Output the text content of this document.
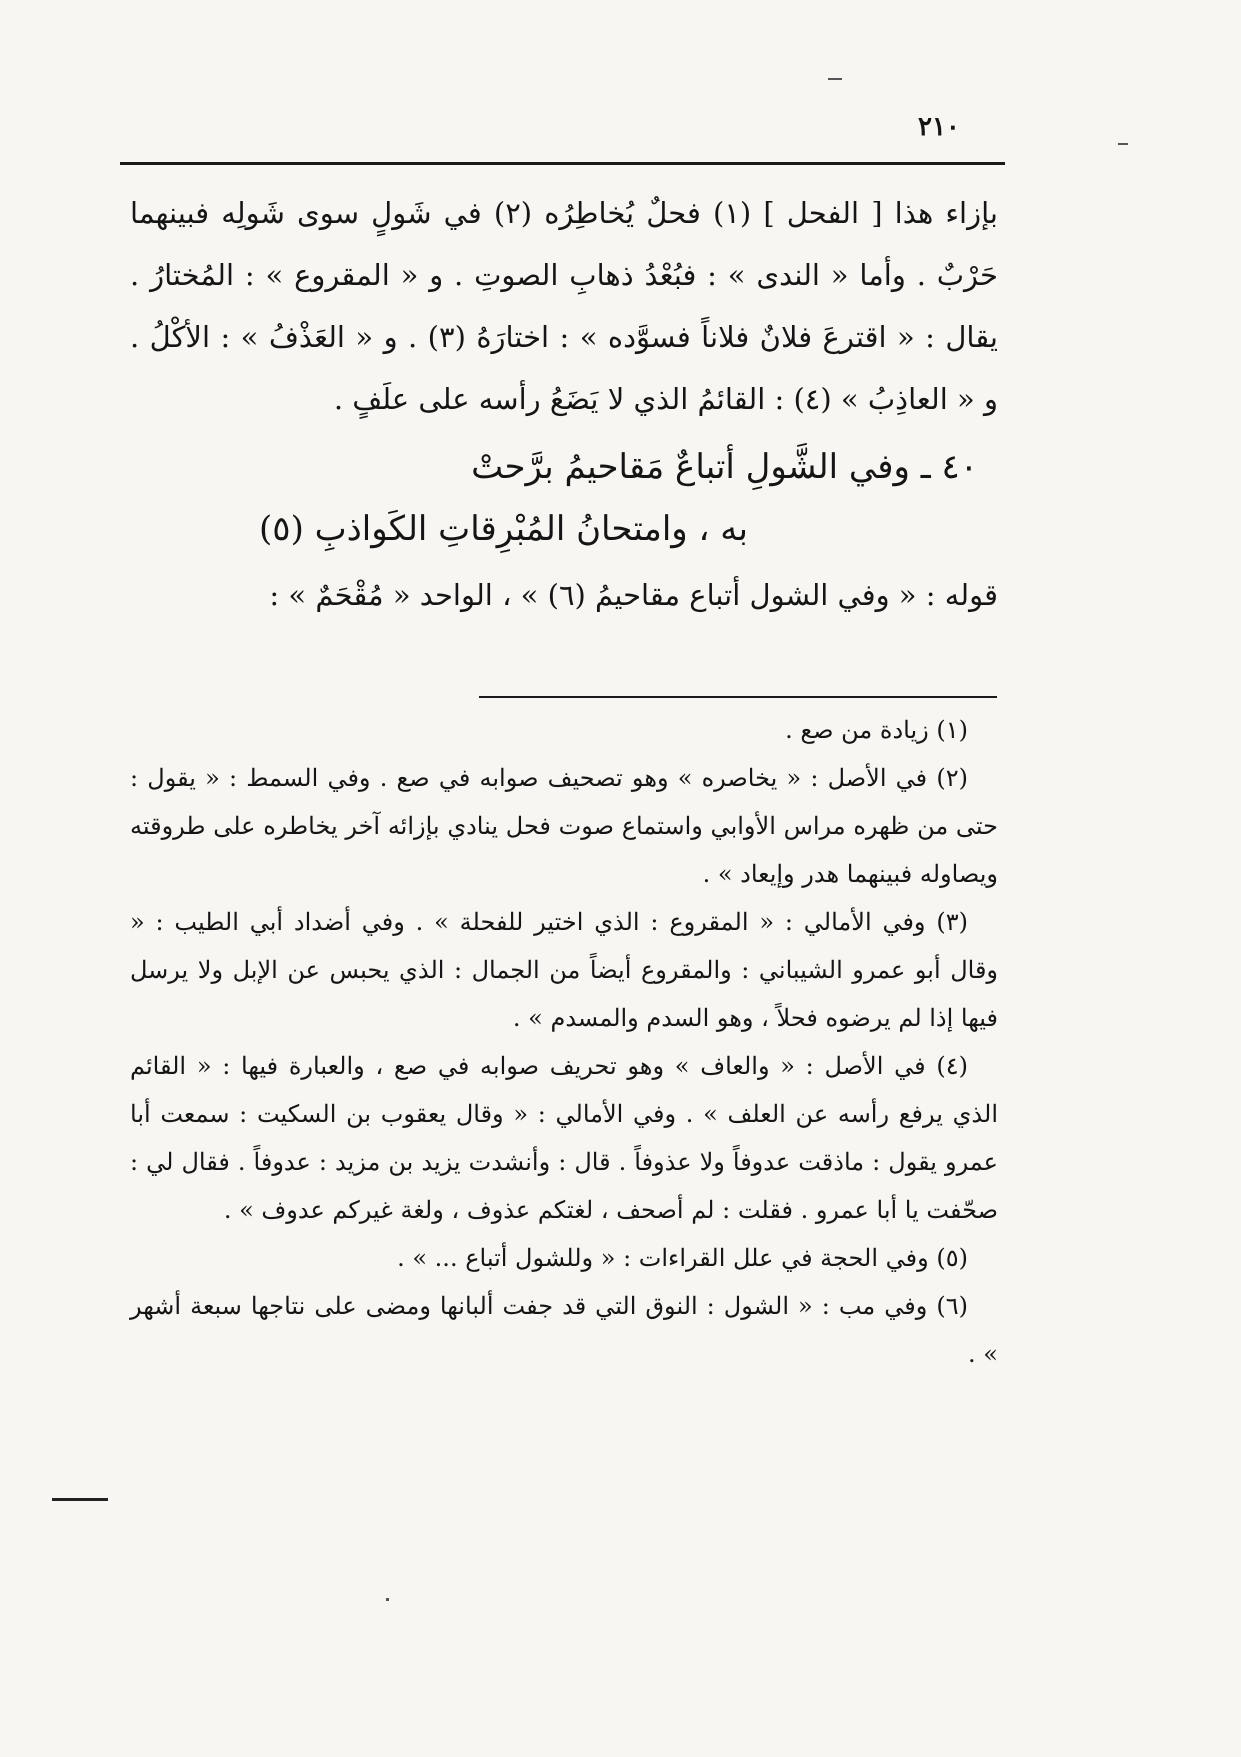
٢١٠

بإزاء هذا [ الفحل ] (١) فحلٌ يُخاطِرُه (٢) في شَولٍ سوى شَولِه فبينهما حَرْبٌ . وأما « الندى » : فبُعْدُ ذهابِ الصوتِ . و « المقروع » : المُختارُ . يقال : « اقترعَ فلانٌ فلاناً فسوَّده » : اختارَهُ (٣) . و « العَذْفُ » : الأكْلُ . و « العاذِبُ » (٤) : القائمُ الذي لا يَضَعُ رأسه على علَفٍ .

٤٠ ـ وفي الشَّولِ أتباعٌ مَقاحيمُ برَّحتْ
به ، وامتحانُ المُبْرِقاتِ الكَواذبِ (٥)

قوله : « وفي الشول أتباع مقاحيمُ (٦) » ، الواحد « مُقْحَمٌ » :

(١) زيادة من صع .

(٢) في الأصل : « يخاصره » وهو تصحيف صوابه في صع . وفي السمط : « يقول : حتى من ظهره مراس الأوابي واستماع صوت فحل ينادي بإزائه آخر يخاطره على طروقته ويصاوله فبينهما هدر وإيعاد » .

(٣) وفي الأمالي : « المقروع : الذي اختير للفحلة » . وفي أضداد أبي الطيب : « وقال أبو عمرو الشيباني : والمقروع أيضاً من الجمال : الذي يحبس عن الإبل ولا يرسل فيها إذا لم يرضوه فحلاً ، وهو السدم والمسدم » .

(٤) في الأصل : « والعاف » وهو تحريف صوابه في صع ، والعبارة فيها : « القائم الذي يرفع رأسه عن العلف » . وفي الأمالي : « وقال يعقوب بن السكيت : سمعت أبا عمرو يقول : ماذقت عدوفاً ولا عذوفاً . قال : وأنشدت يزيد بن مزيد : عدوفاً . فقال لي : صحّفت يا أبا عمرو . فقلت : لم أصحف ، لغتكم عذوف ، ولغة غيركم عدوف » .

(٥) وفي الحجة في علل القراءات : « وللشول أتباع ... » .

(٦) وفي مب : « الشول : النوق التي قد جفت ألبانها ومضى على نتاجها سبعة أشهر » .
